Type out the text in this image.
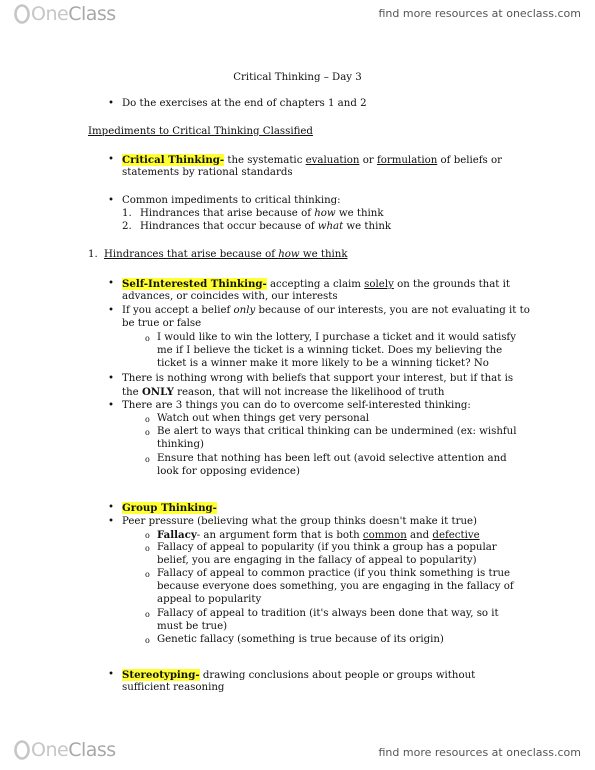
One Class	find more resources at oneclass.com
Critical Thinking – Day 3
• Do the exercises at the end of chapters 1 and 2
Impediments to Critical Thinking Classified
• Critical Thinking- the systematic evaluation or formulation of beliefs or
statements by rational standards
• Common impediments to critical thinking:
1. Hindrances that arise because of how we think
2. Hindrances that occur because of what we think
1. Hindrances that arise because of how we think
• Self-Interested Thinking- accepting a claim solely on the grounds that it
advances, or coincides with, our interests
• If you accept a belief only because of our interests, you are not evaluating it to
be true or false
o I would like to win the lottery, I purchase a ticket and it would satisfy
me if I believe the ticket is a winning ticket. Does my believing the
ticket is a winner make it more likely to be a winning ticket? No
• There is nothing wrong with beliefs that support your interest, but if that is
the ONLY reason, that will not increase the likelihood of truth
• There are 3 things you can do to overcome self-interested thinking:
o Watch out when things get very personal
o Be alert to ways that critical thinking can be undermined (ex: wishful
thinking)
o Ensure that nothing has been left out (avoid selective attention and
look for opposing evidence)
• Group Thinking-
• Peer pressure (believing what the group thinks doesn't make it true)
o Fallacy- an argument form that is both common and defective
o Fallacy of appeal to popularity (if you think a group has a popular
belief, you are engaging in the fallacy of appeal to popularity)
o Fallacy of appeal to common practice (if you think something is true
because everyone does something, you are engaging in the fallacy of
appeal to popularity
o Fallacy of appeal to tradition (it's always been done that way, so it
must be true)
o Genetic fallacy (something is true because of its origin)
• Stereotyping- drawing conclusions about people or groups without
sufficient reasoning
One Class	find more resources at oneclass.com
